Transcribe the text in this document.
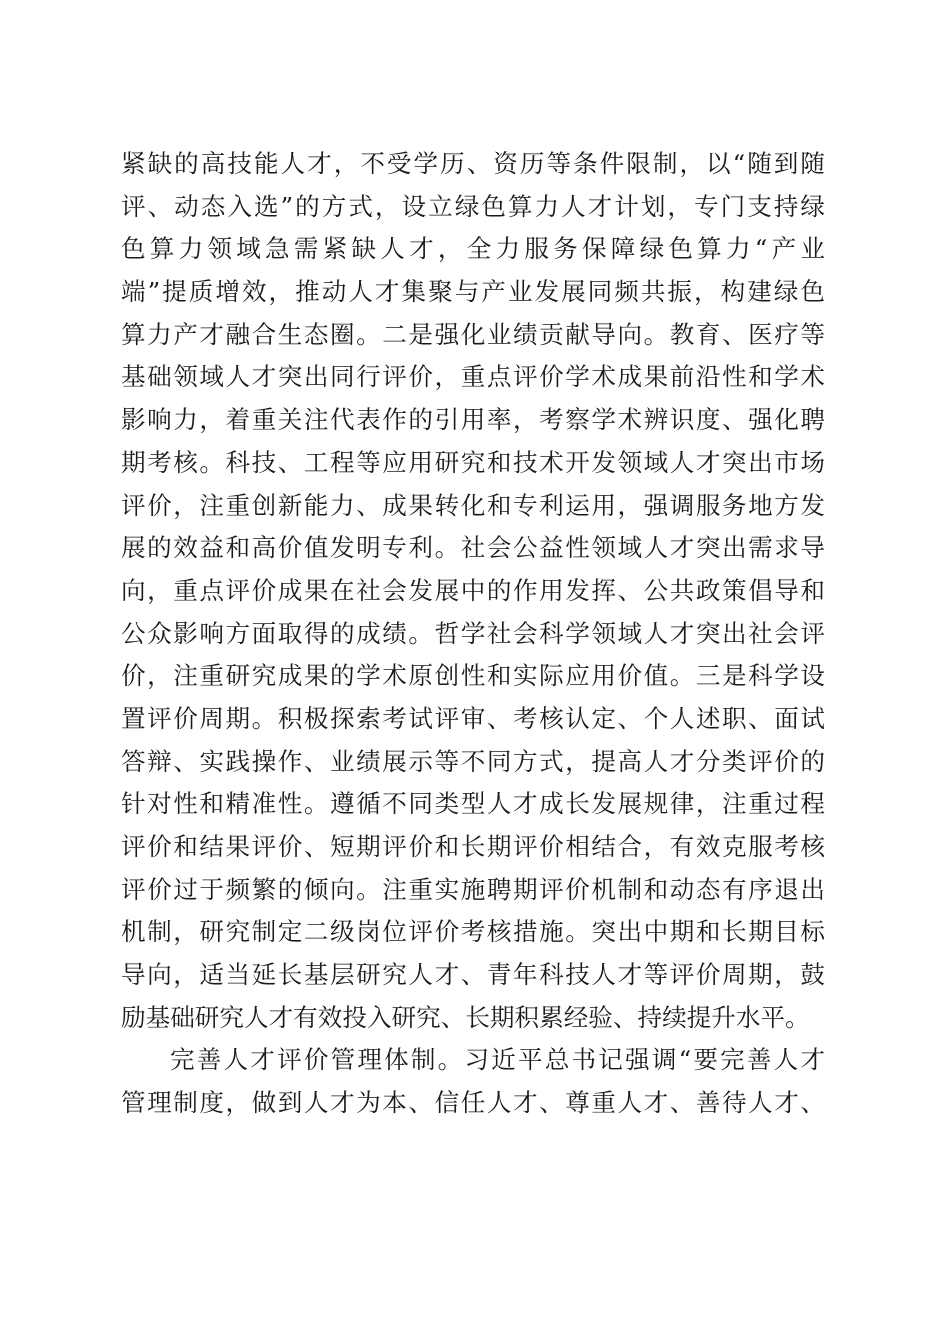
紧缺的高技能人才，不受学历、资历等条件限制，以“随到随
评、动态入选”的方式，设立绿色算力人才计划，专门支持绿
色算力领域急需紧缺人才，全力服务保障绿色算力“产业
端”提质增效，推动人才集聚与产业发展同频共振，构建绿色
算力产才融合生态圈。二是强化业绩贡献导向。教育、医疗等
基础领域人才突出同行评价，重点评价学术成果前沿性和学术
影响力，着重关注代表作的引用率，考察学术辨识度、强化聘
期考核。科技、工程等应用研究和技术开发领域人才突出市场
评价，注重创新能力、成果转化和专利运用，强调服务地方发
展的效益和高价值发明专利。社会公益性领域人才突出需求导
向，重点评价成果在社会发展中的作用发挥、公共政策倡导和
公众影响方面取得的成绩。哲学社会科学领域人才突出社会评
价，注重研究成果的学术原创性和实际应用价值。三是科学设
置评价周期。积极探索考试评审、考核认定、个人述职、面试
答辩、实践操作、业绩展示等不同方式，提高人才分类评价的
针对性和精准性。遵循不同类型人才成长发展规律，注重过程
评价和结果评价、短期评价和长期评价相结合，有效克服考核
评价过于频繁的倾向。注重实施聘期评价机制和动态有序退出
机制，研究制定二级岗位评价考核措施。突出中期和长期目标
导向，适当延长基层研究人才、青年科技人才等评价周期，鼓
励基础研究人才有效投入研究、长期积累经验、持续提升水平。
完善人才评价管理体制。习近平总书记强调“要完善人才
管理制度，做到人才为本、信任人才、尊重人才、善待人才、
